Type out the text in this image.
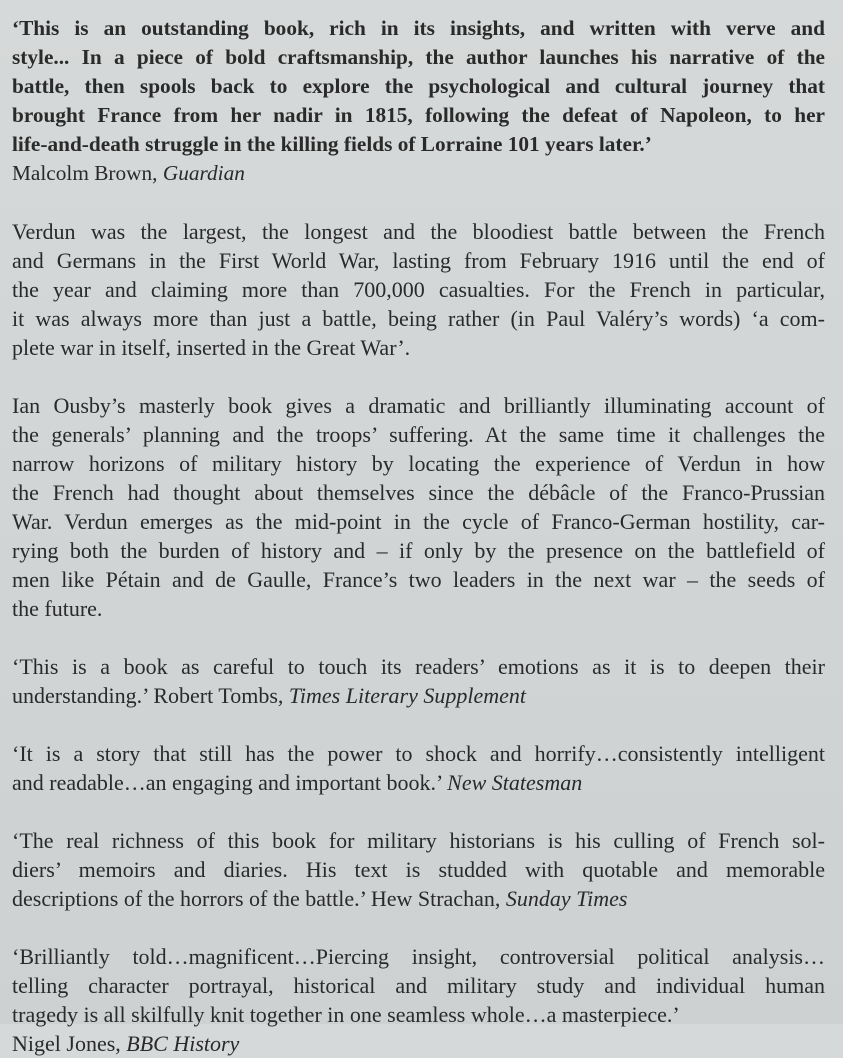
‘This is an outstanding book, rich in its insights, and written with verve and
style... In a piece of bold craftsmanship, the author launches his narrative of the
battle, then spools back to explore the psychological and cultural journey that
brought France from her nadir in 1815, following the defeat of Napoleon, to her
life-and-death struggle in the killing fields of Lorraine 101 years later.’
Malcolm Brown, Guardian
Verdun was the largest, the longest and the bloodiest battle between the French
and Germans in the First World War, lasting from February 1916 until the end of
the year and claiming more than 700,000 casualties. For the French in particular,
it was always more than just a battle, being rather (in Paul Valéry’s words) ‘a com-
plete war in itself, inserted in the Great War’.
Ian Ousby’s masterly book gives a dramatic and brilliantly illuminating account of
the generals’ planning and the troops’ suffering. At the same time it challenges the
narrow horizons of military history by locating the experience of Verdun in how
the French had thought about themselves since the débâcle of the Franco-Prussian
War. Verdun emerges as the mid-point in the cycle of Franco-German hostility, car-
rying both the burden of history and – if only by the presence on the battlefield of
men like Pétain and de Gaulle, France’s two leaders in the next war – the seeds of
the future.
‘This is a book as careful to touch its readers’ emotions as it is to deepen their
understanding.’ Robert Tombs, Times Literary Supplement
‘It is a story that still has the power to shock and horrify…consistently intelligent
and readable…an engaging and important book.’ New Statesman
‘The real richness of this book for military historians is his culling of French sol-
diers’ memoirs and diaries. His text is studded with quotable and memorable
descriptions of the horrors of the battle.’ Hew Strachan, Sunday Times
‘Brilliantly told…magnificent…Piercing insight, controversial political analysis…
telling character portrayal, historical and military study and individual human
tragedy is all skilfully knit together in one seamless whole…a masterpiece.’
Nigel Jones, BBC History
